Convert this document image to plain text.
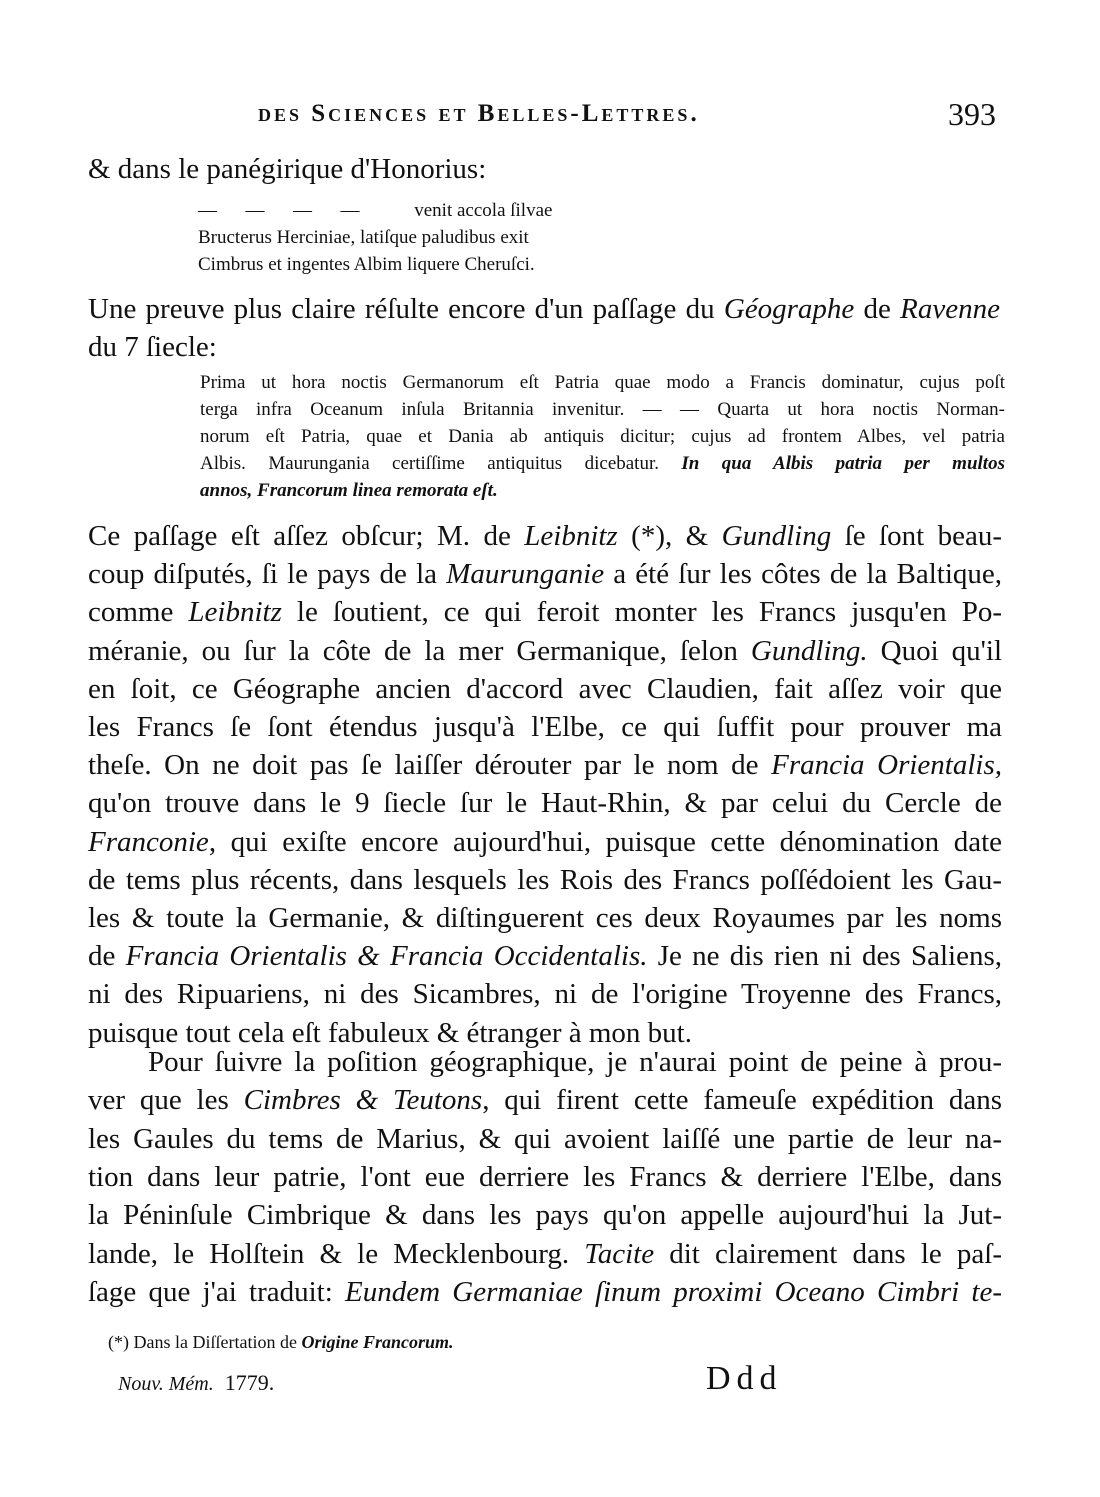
des Sciences et Belles-Lettres.	393
& dans le panégirique d'Honorius:
—      —      —      —	venit accola ſilvae
Bructerus Herciniae, latiſque paludibus exit
Cimbrus et ingentes Albim liquere Cheruſci.
Une preuve plus claire réſulte encore d'un paſſage du Géographe de Ravenne
du 7 ſiecle:
Prima ut hora noctis Germanorum eſt Patria quae modo a Francis dominatur, cujus poſt
terga infra Oceanum inſula Britannia invenitur. — — Quarta ut hora noctis Norman-
norum eſt Patria, quae et Dania ab antiquis dicitur; cujus ad frontem Albes, vel patria
Albis. Maurungania certiſſime antiquitus dicebatur. In qua Albis patria per multos
annos, Francorum linea remorata eſt.
Ce paſſage eſt aſſez obſcur; M. de Leibnitz (*), & Gundling ſe ſont beau-
coup diſputés, ſi le pays de la Maurunganie a été ſur les côtes de la Baltique,
comme Leibnitz le ſoutient, ce qui feroit monter les Francs jusqu'en Po-
méranie, ou ſur la côte de la mer Germanique, ſelon Gundling. Quoi qu'il
en ſoit, ce Géographe ancien d'accord avec Claudien, fait aſſez voir que
les Francs ſe ſont étendus jusqu'à l'Elbe, ce qui ſuffit pour prouver ma
theſe. On ne doit pas ſe laiſſer dérouter par le nom de Francia Orientalis,
qu'on trouve dans le 9 ſiecle ſur le Haut-Rhin, & par celui du Cercle de
Franconie, qui exiſte encore aujourd'hui, puisque cette dénomination date
de tems plus récents, dans lesquels les Rois des Francs poſſédoient les Gau-
les & toute la Germanie, & diſtinguerent ces deux Royaumes par les noms
de Francia Orientalis & Francia Occidentalis. Je ne dis rien ni des Saliens,
ni des Ripuariens, ni des Sicambres, ni de l'origine Troyenne des Francs,
puisque tout cela eſt fabuleux & étranger à mon but.
Pour ſuivre la poſition géographique, je n'aurai point de peine à prou-
ver que les Cimbres & Teutons, qui firent cette fameuſe expédition dans
les Gaules du tems de Marius, & qui avoient laiſſé une partie de leur na-
tion dans leur patrie, l'ont eue derriere les Francs & derriere l'Elbe, dans
la Péninſule Cimbrique & dans les pays qu'on appelle aujourd'hui la Jut-
lande, le Holſtein & le Mecklenbourg. Tacite dit clairement dans le paſ-
ſage que j'ai traduit: Eundem Germaniae ſinum proximi Oceano Cimbri te-
(*) Dans la Diſſertation de Origine Francorum.
Nouv. Mém. 1779.	Ddd
